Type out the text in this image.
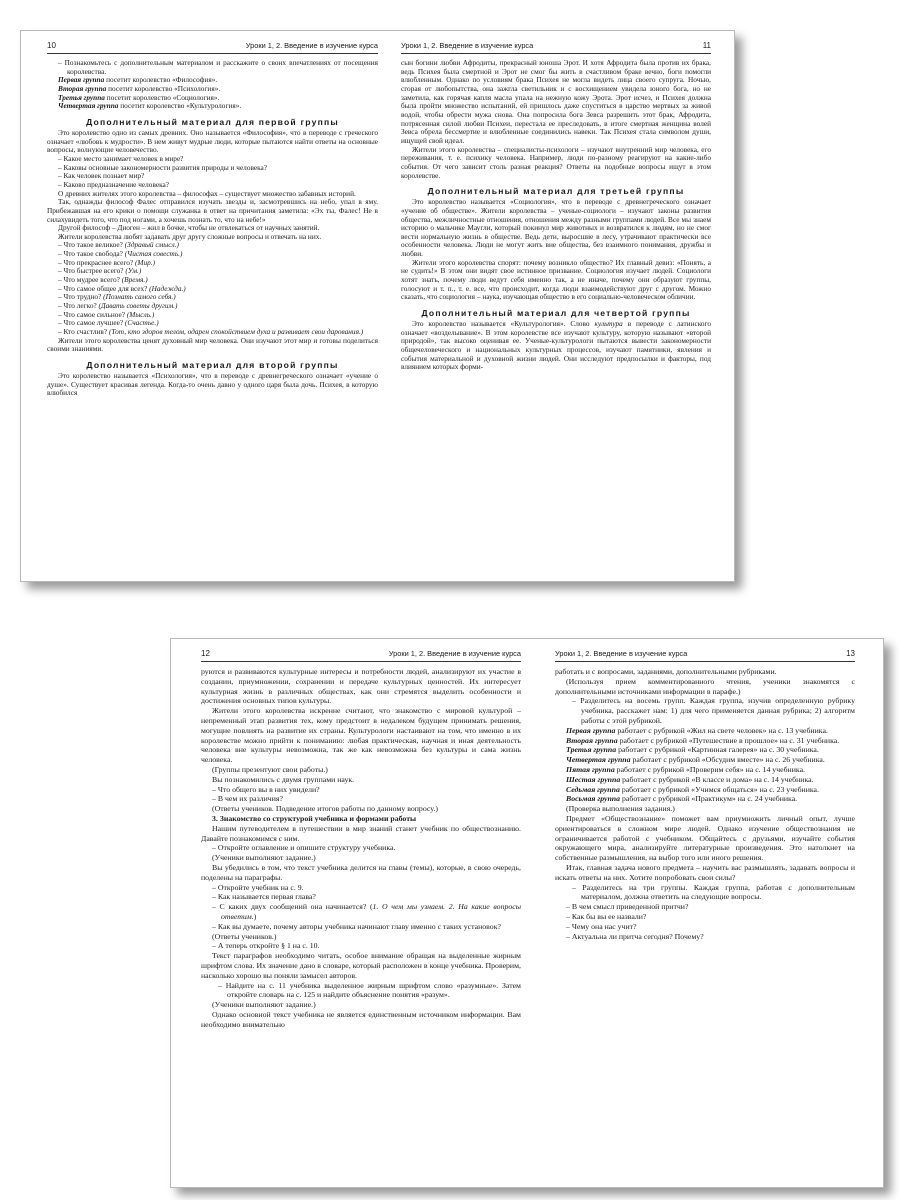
10	Уроки 1, 2. Введение в изучение курса

– Познакомьтесь с дополнительным материалом и расскажите о своих впечатлениях от посещения королевства.

Первая группа посетит королевство «Философия».

Вторая группа посетит королевство «Психология».

Третья группа посетит королевство «Социология».

Четвертая группа посетит королевство «Культурология».

Дополнительный материал для первой группы

Это королевство одно из самых древних. Оно называется «Философия», что в переводе с греческого означает «любовь к мудрости». В нем живут мудрые люди, которые пытаются найти ответы на основные вопросы, волнующие человечество.

– Какое место занимает человек в мире?

– Каковы основные закономерности развития природы и человека?

– Как человек познает мир?

– Каково предназначение человека?

О древних жителях этого королевства – философах – существует множество забавных историй.

Так, однажды философ Фалес отправился изучать звезды и, засмотревшись на небо, упал в яму. Прибежавшая на его крики о помощи служанка в ответ на причитания заметила: «Эх ты, Фалес! Не в силахувидеть того, что под ногами, а хочешь познать то, что на небе!»

Другой философ – Диоген – жил в бочке, чтобы не отвлекаться от научных занятий.

Жители королевства любят задавать друг другу сложные вопросы и отвечать на них.

– Что такое великое? (Здравый смысл.)

– Что такое свобода? (Чистая совесть.)

– Что прекраснее всего? (Мир.)

– Что быстрее всего? (Ум.)

– Что мудрее всего? (Время.)

– Что самое общее для всех? (Надежда.)

– Что трудно? (Познать самого себя.)

– Что легко? (Давать советы другим.)

– Что самое сильное? (Мысль.)

– Что самое лучшее? (Счастье.)

– Кто счастлив? (Тот, кто здоров телом, одарен спокойствием духа и развивает свои дарования.)

Жители этого королевства ценят духовный мир человека. Они изучают этот мир и готовы поделиться своими знаниями.

Дополнительный материал для второй группы

Это королевство называется «Психология», что в переводе с древнегреческого означает «учение о душе». Существует красивая легенда. Когда-то очень давно у одного царя была дочь. Психея, в которую влюбился

Уроки 1, 2. Введение в изучение курса	11

сын богини любви Афродиты, прекрасный юноша Эрот. И хотя Афродита была против их брака, ведь Психея была смертной и Эрот не смог бы жить в счастливом браке вечно, боги помогли влюбленным. Однако по условиям брака Психея не могла видеть лица своего супруга. Ночью, сгорая от любопытства, она зажгла светильник и с восхищением увидела юного бога, но не заметила, как горячая капля масла упала на нежную кожу Эрота. Эрот исчез, и Психея должна была пройти множество испытаний, ей пришлось даже спуститься в царство мертвых за живой водой, чтобы обрести мужа снова. Она попросила бога Зевса разрешить этот брак, Афродита, потрясенная силой любви Психеи, перестала ее преследовать, в итоге смертная женщина волей Зевса обрела бессмертие и влюбленные соединились навеки. Так Психея стала символом души, ищущей свой идеал.

Жители этого королевства – специалисты-психологи – изучают внутренний мир человека, его переживания, т. е. психику человека. Например, люди по-разному реагируют на какие-либо события. От чего зависит столь разная реакция? Ответы на подобные вопросы ищут в этом королевстве.

Дополнительный материал для третьей группы

Это королевство называется «Социология», что в переводе с древнегреческого означает «учение об обществе». Жители королевства – ученые-социологи – изучают законы развития общества, межличностные отношения, отношения между разными группами людей. Все мы знаем историю о мальчике Маугли, который покинул мир животных и возвратился к людям, но не смог вести нормальную жизнь в обществе. Ведь дети, выросшие в лесу, утрачивают практически все особенности человека. Люди не могут жить вне общества, без взаимного понимания, дружбы и любви.

Жители этого королевства спорят: почему возникло общество? Их главный девиз: «Понять, а не судить!» В этом они видят свое истинное призвание. Социология изучает людей. Социологи хотят знать, почему люди ведут себя именно так, а не иначе, почему они образуют группы, голосуют и т. п., т. е. все, что происходит, когда люди взаимодействуют друг с другом. Можно сказать, что социология – наука, изучающая общество в его социально-человеческом обличии.

Дополнительный материал для четвертой группы

Это королевство называется «Культурология». Слово культура в переводе с латинского означает «возделывание». В этом королевстве все изучают культуру, которую называют «второй природой», так высоко оценивая ее. Ученые-культурологи пытаются вывести закономерности общечеловеческого и национальных культурных процессов, изучают памятники, явления и события материальной и духовной жизни людей. Они исследуют предпосылки и факторы, под влиянием которых форми-

12	Уроки 1, 2. Введение в изучение курса

руются и развиваются культурные интересы и потребности людей, анализируют их участие в создании, приумножении, сохранении и передаче культурных ценностей. Их интересует культурная жизнь в различных обществах, как они стремятся выделить особенности и достижения основных типов культуры.

Жители этого королевства искренне считают, что знакомство с мировой культурой – непременный этап развития тех, кому предстоит в недалеком будущем принимать решения, могущие повлиять на развитие их страны. Культурологи настаивают на том, что именно в их королевстве можно прийти к пониманию: любая практическая, научная и иная деятельность человека вне культуры невозможна, так же как невозможна без культуры и сама жизнь человека.

(Группы презентуют свои работы.)

Вы познакомились с двумя группами наук.

– Что общего вы в них увидели?

– В чем их различия?

(Ответы учеников. Подведение итогов работы по данному вопросу.)

3. Знакомство со структурой учебника и формами работы

Нашим путеводителем в путешествии в мир знаний станет учебник по обществознанию. Давайте познакомимся с ним.

– Откройте оглавление и опишите структуру учебника.

(Ученики выполняют задание.)

Вы убедились в том, что текст учебника делится на главы (темы), которые, в свою очередь, поделены на параграфы.

– Откройте учебник на с. 9.

– Как называется первая глава?

– С каких двух сообщений она начинается? (1. О чем мы узнаем. 2. На какие вопросы ответим.)

– Как вы думаете, почему авторы учебника начинают главу именно с таких установок?

(Ответы учеников.)

– А теперь откройте § 1 на с. 10.

Текст параграфов необходимо читать, особое внимание обращая на выделенные жирным шрифтом слова. Их значение дано в словаре, который расположен в конце учебника. Проверим, насколько хорошо вы поняли замысел авторов.

– Найдите на с. 11 учебника выделенное жирным шрифтом слово «разумные». Затем откройте словарь на с. 125 и найдите объяснение понятия «разум».

(Ученики выполняют задание.)

Однако основной текст учебника не является единственным источником информации. Вам необходимо внимательно

Уроки 1, 2. Введение в изучение курса	13

работать и с вопросами, заданиями, дополнительными рубриками.

(Используя прием комментированного чтения, ученики знакомятся с дополнительными источниками информации в парафе.)

– Разделитесь на восемь групп. Каждая группа, изучив определенную рубрику учебника, расскажет нам: 1) для чего применяется данная рубрика; 2) алгоритм работы с этой рубрикой.

Первая группа работает с рубрикой «Жил на свете человек» на с. 13 учебника.

Вторая группа работает с рубрикой «Путешествие в прошлое» на с. 31 учебника.

Третья группа работает с рубрикой «Картинная галерея» на с. 30 учебника.

Четвертая группа работает с рубрикой «Обсудим вместе» на с. 26 учебника.

Пятая группа работает с рубрикой «Проверим себя» на с. 14 учебника.

Шестая группа работает с рубрикой «В классе и дома» на с. 14 учебника.

Седьмая группа работает с рубрикой «Учимся общаться» на с. 23 учебника.

Восьмая группа работает с рубрикой «Практикум» на с. 24 учебника.

(Проверка выполнения задания.)

Предмет «Обществознание» поможет вам приумножить личный опыт, лучше ориентироваться в сложном мире людей. Однако изучение обществознания не ограничивается работой с учебником. Общайтесь с друзьями, изучайте события окружающего мира, анализируйте литературные произведения. Это натолкнет на собственные размышления, на выбор того или иного решения.

Итак, главная задача нового предмета – научить вас размышлять, задавать вопросы и искать ответы на них. Хотите попробовать свои силы?

– Разделитесь на три группы. Каждая группа, работая с дополнительным материалом, должна ответить на следующие вопросы.

– В чем смысл приведенной притчи?

– Как бы вы ее назвали?

– Чему она нас учит?

– Актуальна ли притча сегодня? Почему?
